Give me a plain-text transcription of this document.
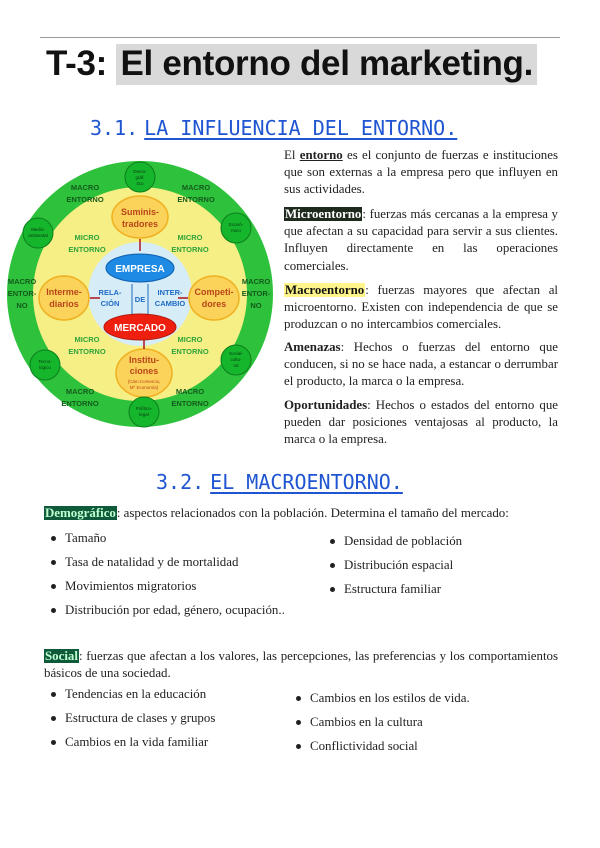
T-3: El entorno del marketing.
3.1. LA INFLUENCIA DEL ENTORNO.
MICRO
ENTORNO
MICRO
ENTORNO
MICRO
ENTORNO
MICRO
ENTORNO
MACRO
ENTORNO
MACRO
ENTORNO
MACRO
ENTORNO
MACRO
ENTORNO
MACRO
ENTOR-
NO
MACRO
ENTOR-
NO
Suminis-
tradores
Interme-
diarios
Competi-
dores
Institu-
ciones
(Cám.Comercio,
Mº Economía)
EMPRESA
MERCADO
RELA-
CIÓN DE
INTER-
CAMBIO
Demo-
gráf.
tico
Econó-
mico
Medio-
ambiental
Tecno-
lógico
Social-
cultu-
ral
Político-
legal
El entorno es el conjunto de fuerzas e instituciones que son externas a la empresa pero que influyen en sus actividades.
Microentorno: fuerzas más cercanas a la empresa y que afectan a su capacidad para servir a sus clientes. Influyen directamente en las operaciones comerciales.
Macroentorno: fuerzas mayores que afectan al microentorno. Existen con independencia de que se produzcan o no intercambios comerciales.
Amenazas: Hechos o fuerzas del entorno que conducen, si no se hace nada, a estancar o derrumbar el producto, la marca o la empresa.
Oportunidades: Hechos o estados del entorno que pueden dar posiciones ventajosas al producto, la marca o la empresa.
3.2. EL MACROENTORNO.
Demográfico: aspectos relacionados con la población. Determina el tamaño del mercado:
Tamaño
Tasa de natalidad y de mortalidad
Movimientos migratorios
Distribución por edad, género, ocupación..
Densidad de población
Distribución espacial
Estructura familiar
Social: fuerzas que afectan a los valores, las percepciones, las preferencias y los comportamientos básicos de una sociedad.
Tendencias en la educación
Estructura de clases y grupos
Cambios en la vida familiar
Cambios en los estilos de vida.
Cambios en la cultura
Conflictividad social
